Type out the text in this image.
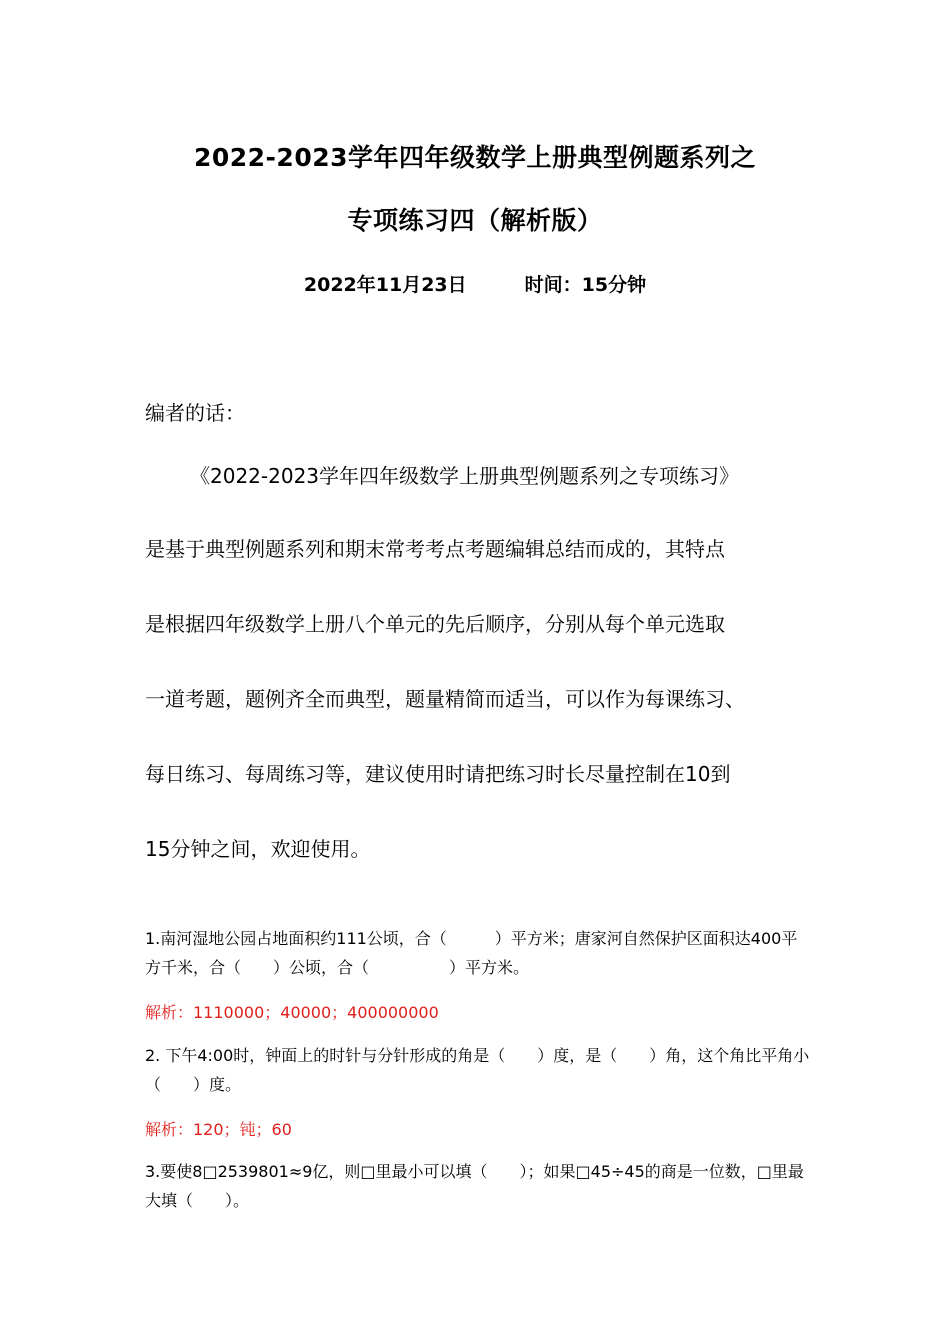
2022-2023学年四年级数学上册典型例题系列之
专项练习四（解析版）
2022年11月23日	时间：15分钟
编者的话：
《2022-2023学年四年级数学上册典型例题系列之专项练习》
是基于典型例题系列和期末常考考点考题编辑总结而成的，其特点
是根据四年级数学上册八个单元的先后顺序，分别从每个单元选取
一道考题，题例齐全而典型，题量精简而适当，可以作为每课练习、
每日练习、每周练习等，建议使用时请把练习时长尽量控制在10到
15分钟之间，欢迎使用。
1.南河湿地公园占地面积约111公顷，合（　　　）平方米；唐家河自然保护区面积达400平方千米，合（　　）公顷，合（　　　　　）平方米。
解析：1110000；40000；400000000
2. 下午4:00时，钟面上的时针与分针形成的角是（　　）度，是（　　）角，这个角比平角小（　　）度。
解析：120；钝；60
3.要使8□2539801≈9亿，则□里最小可以填（　　）；如果□45÷45的商是一位数，□里最大填（　　）。
